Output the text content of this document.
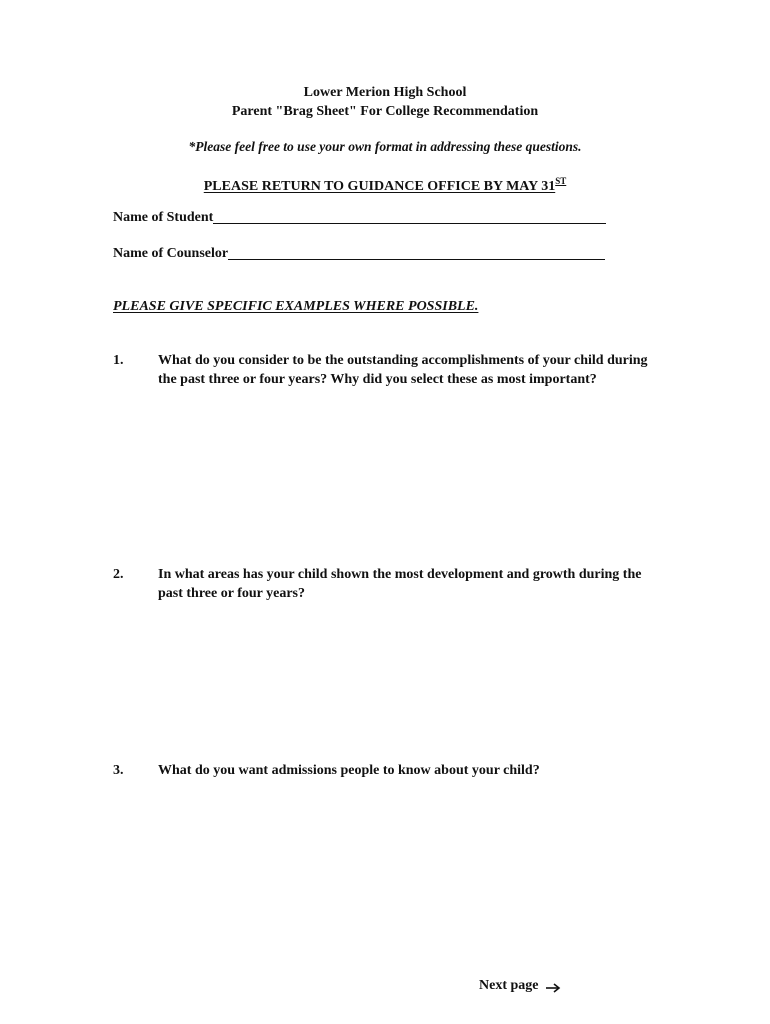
Lower Merion High School
Parent "Brag Sheet" For College Recommendation
*Please feel free to use your own format in addressing these questions.
PLEASE RETURN TO GUIDANCE OFFICE BY MAY 31ST
Name of Student
Name of Counselor
PLEASE GIVE SPECIFIC EXAMPLES WHERE POSSIBLE.
1. What do you consider to be the outstanding accomplishments of your child during the past three or four years? Why did you select these as most important?
2. In what areas has your child shown the most development and growth during the past three or four years?
3. What do you want admissions people to know about your child?
Next page
